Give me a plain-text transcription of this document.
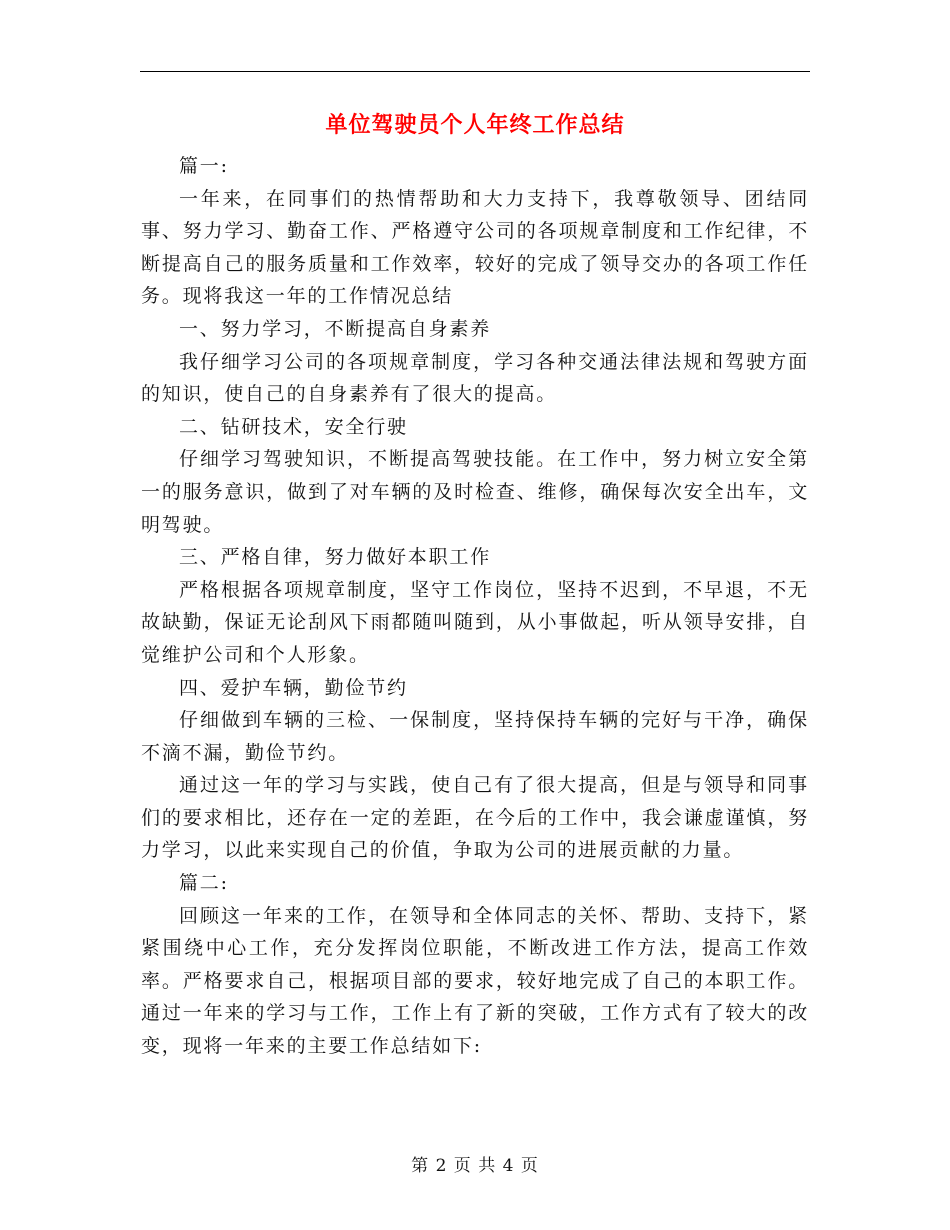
单位驾驶员个人年终工作总结

篇一:

一年来，在同事们的热情帮助和大力支持下，我尊敬领导、团结同事、努力学习、勤奋工作、严格遵守公司的各项规章制度和工作纪律，不断提高自己的服务质量和工作效率，较好的完成了领导交办的各项工作任务。现将我这一年的工作情况总结

一、努力学习，不断提高自身素养

我仔细学习公司的各项规章制度，学习各种交通法律法规和驾驶方面的知识，使自己的自身素养有了很大的提高。

二、钻研技术，安全行驶

仔细学习驾驶知识，不断提高驾驶技能。在工作中，努力树立安全第一的服务意识，做到了对车辆的及时检查、维修，确保每次安全出车，文明驾驶。

三、严格自律，努力做好本职工作

严格根据各项规章制度，坚守工作岗位，坚持不迟到，不早退，不无故缺勤，保证无论刮风下雨都随叫随到，从小事做起，听从领导安排，自觉维护公司和个人形象。

四、爱护车辆，勤俭节约

仔细做到车辆的三检、一保制度，坚持保持车辆的完好与干净，确保不滴不漏，勤俭节约。

通过这一年的学习与实践，使自己有了很大提高，但是与领导和同事们的要求相比，还存在一定的差距，在今后的工作中，我会谦虚谨慎，努力学习，以此来实现自己的价值，争取为公司的进展贡献的力量。

篇二:

回顾这一年来的工作，在领导和全体同志的关怀、帮助、支持下，紧紧围绕中心工作，充分发挥岗位职能，不断改进工作方法，提高工作效率。严格要求自己，根据项目部的要求，较好地完成了自己的本职工作。通过一年来的学习与工作，工作上有了新的突破，工作方式有了较大的改变，现将一年来的主要工作总结如下:

第 2 页 共 4 页
